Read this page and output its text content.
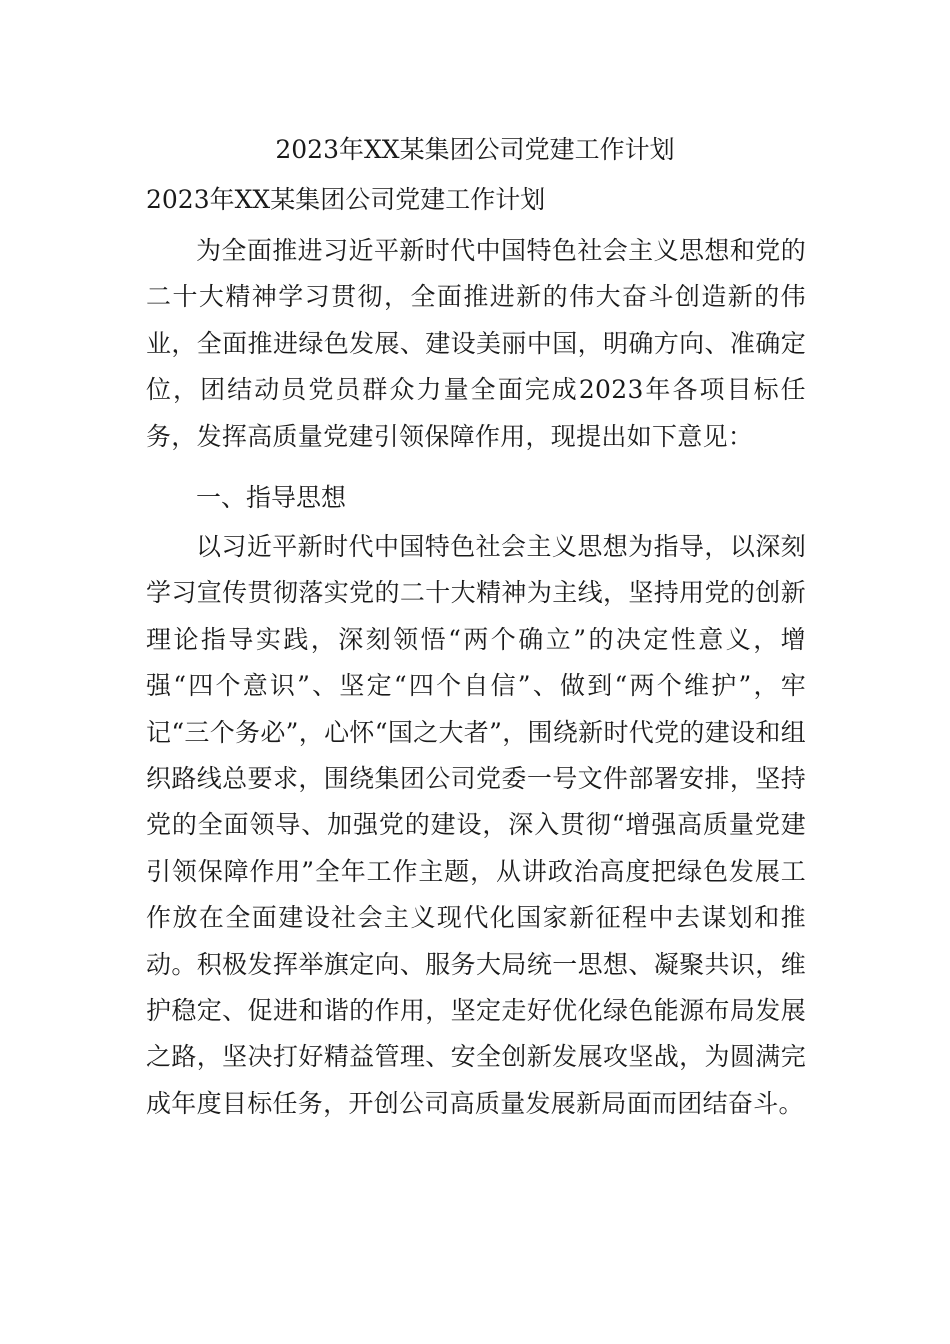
2023年XX某集团公司党建工作计划
2023年XX某集团公司党建工作计划

为全面推进习近平新时代中国特色社会主义思想和党的二十大精神学习贯彻，全面推进新的伟大奋斗创造新的伟业，全面推进绿色发展、建设美丽中国，明确方向、准确定位，团结动员党员群众力量全面完成2023年各项目标任务，发挥高质量党建引领保障作用，现提出如下意见：

一、指导思想

以习近平新时代中国特色社会主义思想为指导，以深刻学习宣传贯彻落实党的二十大精神为主线，坚持用党的创新理论指导实践，深刻领悟“两个确立”的决定性意义，增强“四个意识”、坚定“四个自信”、做到“两个维护”，牢记“三个务必”，心怀“国之大者”，围绕新时代党的建设和组织路线总要求，围绕集团公司党委一号文件部署安排，坚持党的全面领导、加强党的建设，深入贯彻“增强高质量党建引领保障作用”全年工作主题，从讲政治高度把绿色发展工作放在全面建设社会主义现代化国家新征程中去谋划和推动。积极发挥举旗定向、服务大局统一思想、凝聚共识，维护稳定、促进和谐的作用，坚定走好优化绿色能源布局发展之路，坚决打好精益管理、安全创新发展攻坚战，为圆满完成年度目标任务，开创公司高质量发展新局面而团结奋斗。
